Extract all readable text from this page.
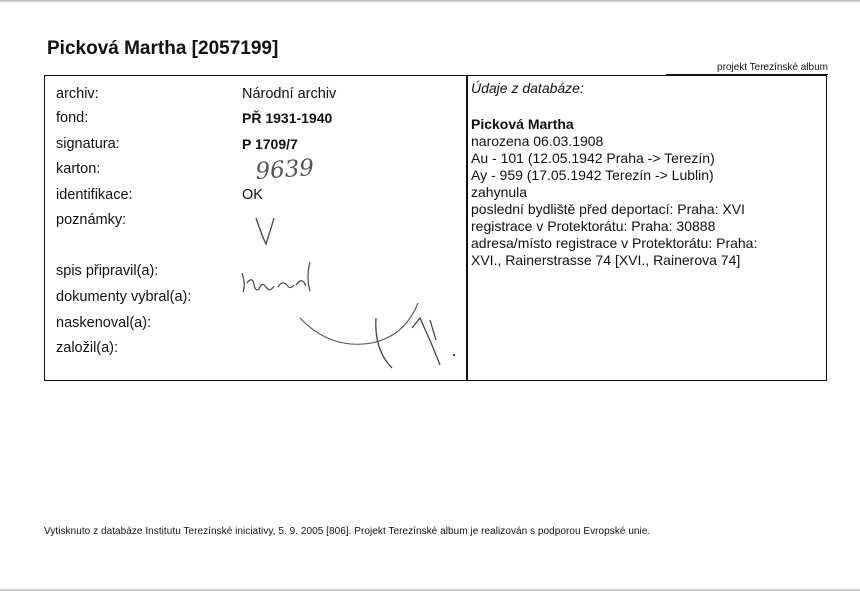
Picková Martha [2057199]
projekt Terezínské album
archiv:
fond:
signatura:
karton:
identifikace:
poznámky:
spis připravil(a):
dokumenty vybral(a):
naskenoval(a):
založil(a):
Národní archiv
PŘ 1931-1940
P 1709/7
OK
9639
Údaje z databáze:
Picková Martha
narozena 06.03.1908
Au - 101 (12.05.1942 Praha -> Terezín)
Ay - 959 (17.05.1942 Terezín -> Lublin)
zahynula
poslední bydliště před deportací: Praha: XVI
registrace v Protektorátu: Praha: 30888
adresa/místo registrace v Protektorátu: Praha:
XVI., Rainerstrasse 74 [XVI., Rainerova 74]
Vytisknuto z databáze Institutu Terezínské iniciativy, 5. 9. 2005 [806]. Projekt Terezínské album je realizován s podporou Evropské unie.
